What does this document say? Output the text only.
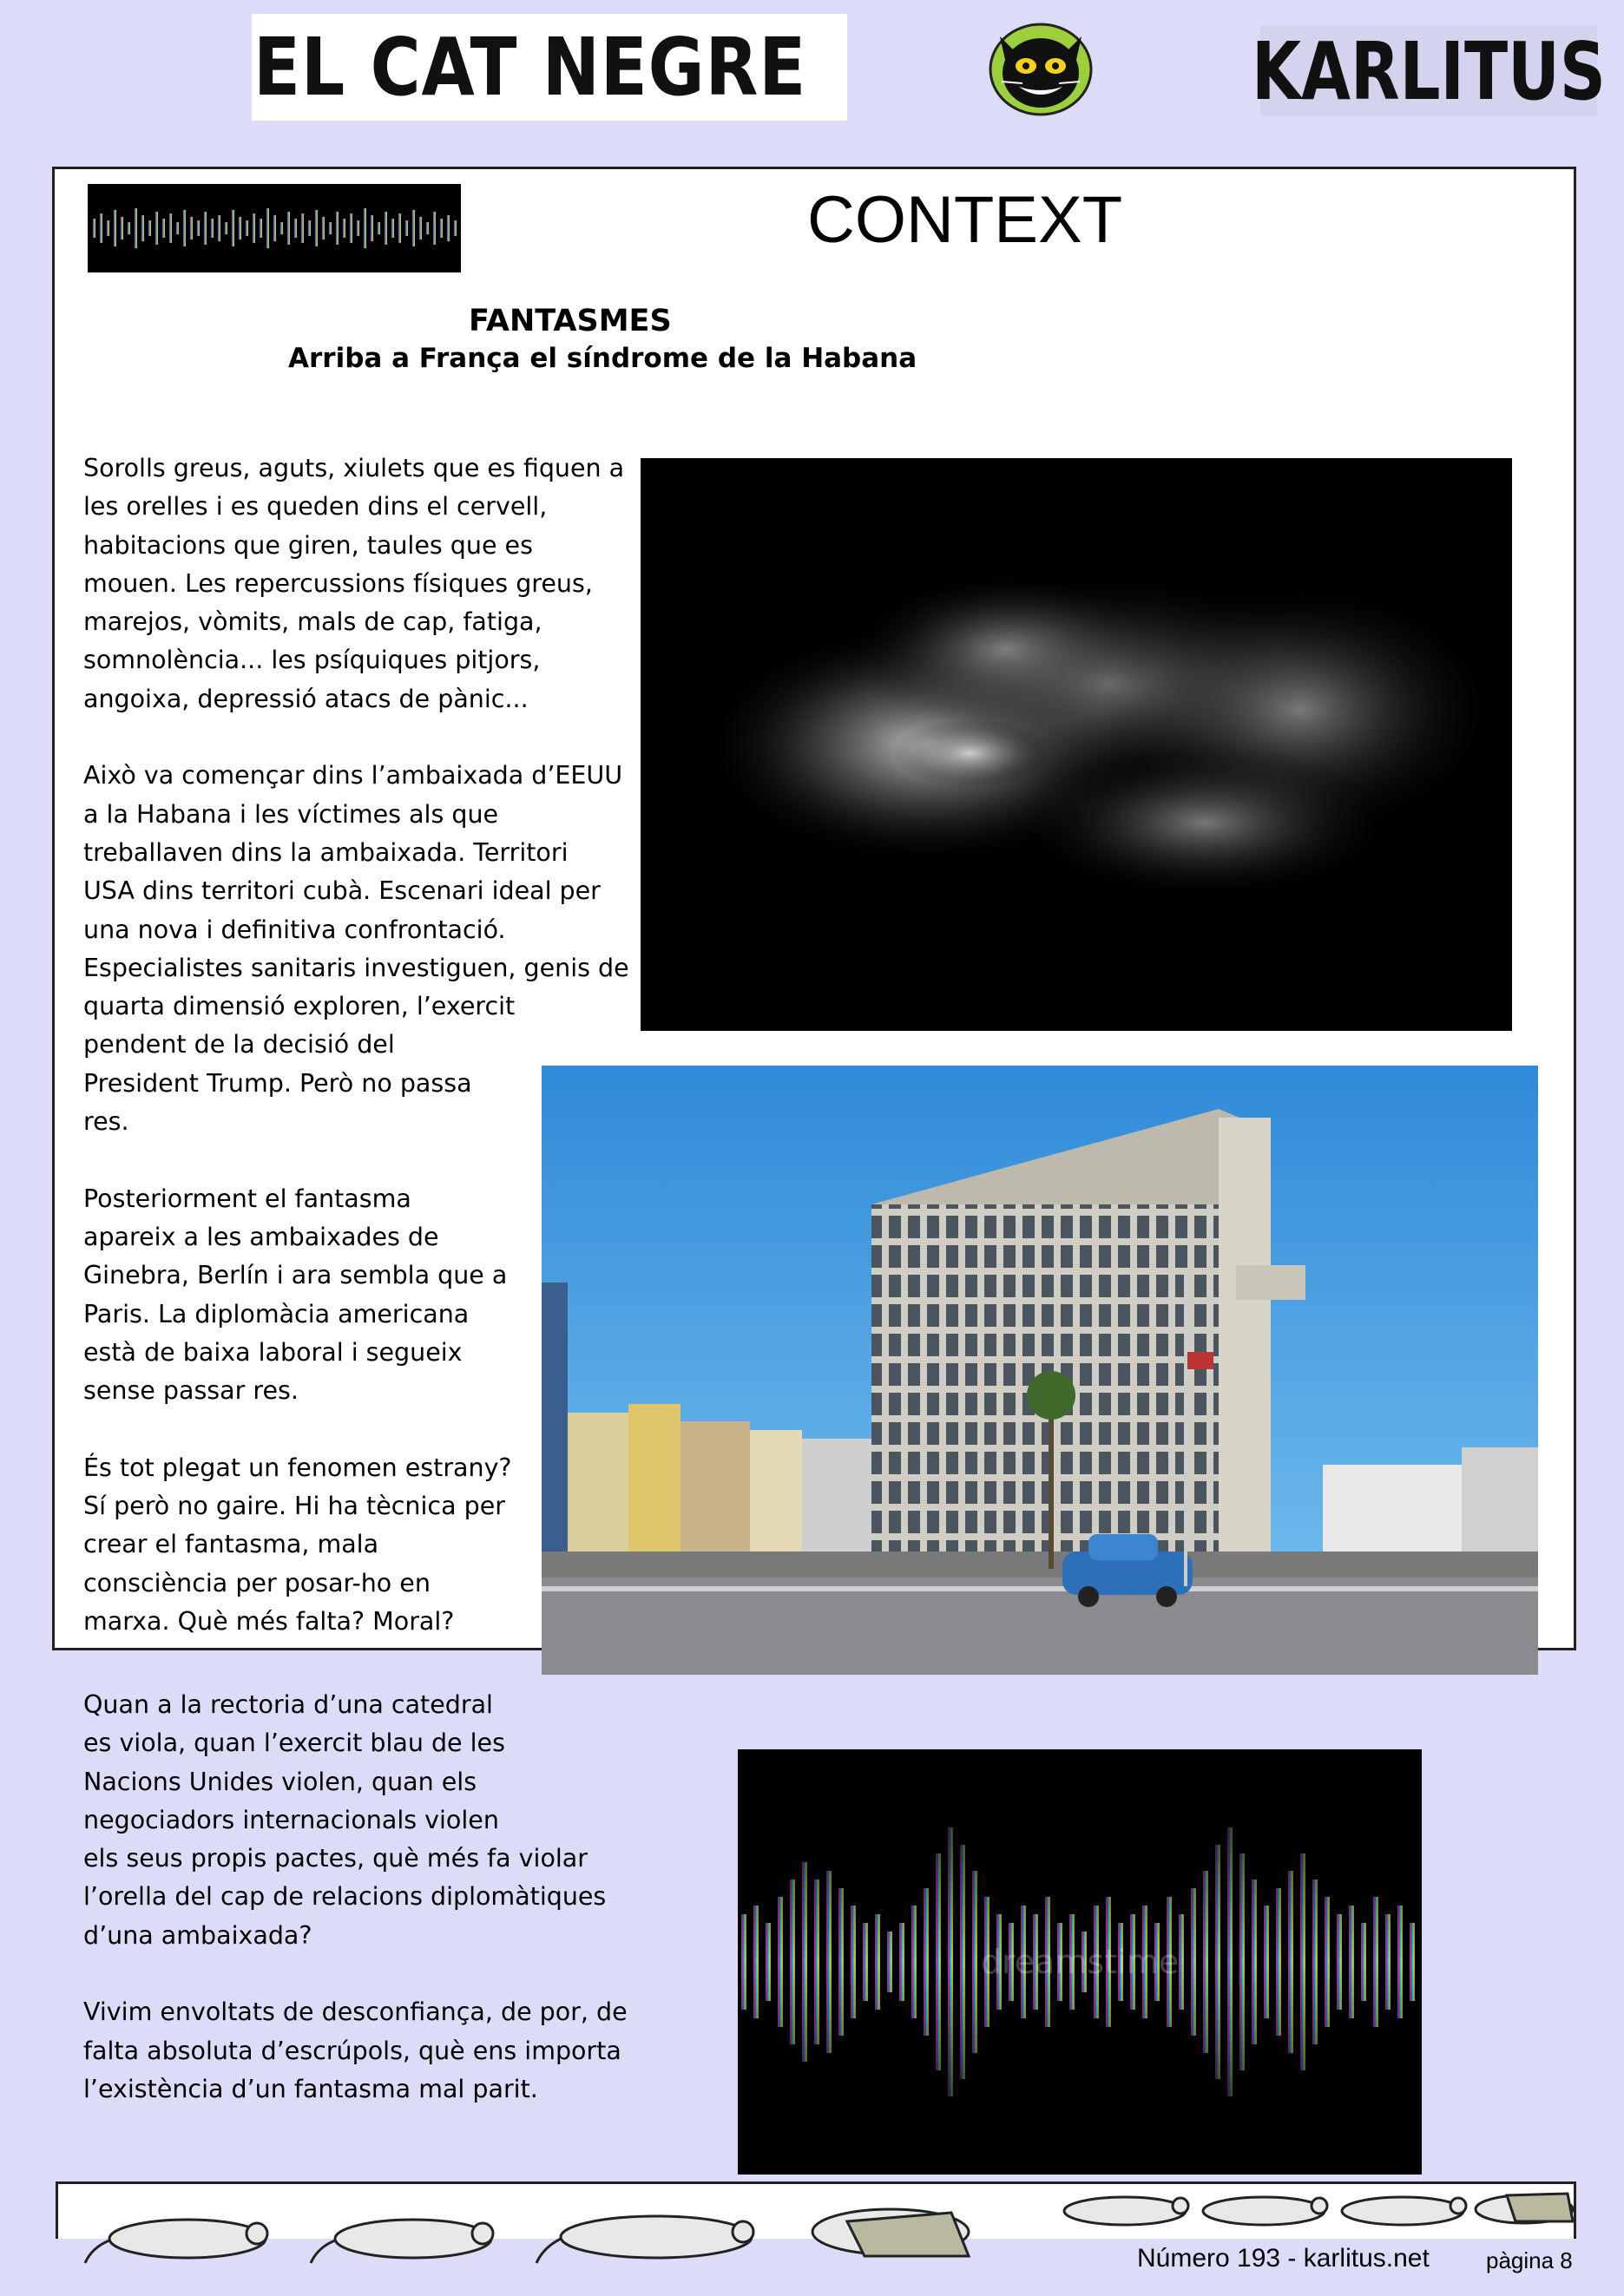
EL CAT NEGRE	KARLITUS
CONTEXT
FANTASMES
Arriba a França el síndrome de la Habana
Sorolls greus, aguts, xiulets que es fiquen a
les orelles i es queden dins el cervell,
habitacions que giren, taules que es
mouen. Les repercussions físiques greus,
marejos, vòmits, mals de cap, fatiga,
somnolència... les psíquiques pitjors,
angoixa, depressió atacs de pànic...

Això va començar dins l’ambaixada d’EEUU
a la Habana i les víctimes als que
treballaven dins la ambaixada. Territori
USA dins territori cubà. Escenari ideal per
una nova i definitiva confrontació.
Especialistes sanitaris investiguen, genis de
quarta dimensió exploren, l’exercit
pendent de la decisió del
President Trump. Però no passa
res.

Posteriorment el fantasma
apareix a les ambaixades de
Ginebra, Berlín i ara sembla que a
Paris. La diplomàcia americana
està de baixa laboral i segueix
sense passar res.

És tot plegat un fenomen estrany?
Sí però no gaire. Hi ha tècnica per
crear el fantasma, mala
consciència per posar-ho en
marxa. Què més falta? Moral?
Quan a la rectoria d’una catedral
es viola, quan l’exercit blau de les
Nacions Unides violen, quan els
negociadors internacionals violen
els seus propis pactes, què més fa violar
l’orella del cap de relacions diplomàtiques
d’una ambaixada?

Vivim envoltats de desconfiança, de por, de
falta absoluta d’escrúpols, què ens importa
l’existència d’un fantasma mal parit.
dreamstime
Número 193 - karlitus.net	pàgina 8
